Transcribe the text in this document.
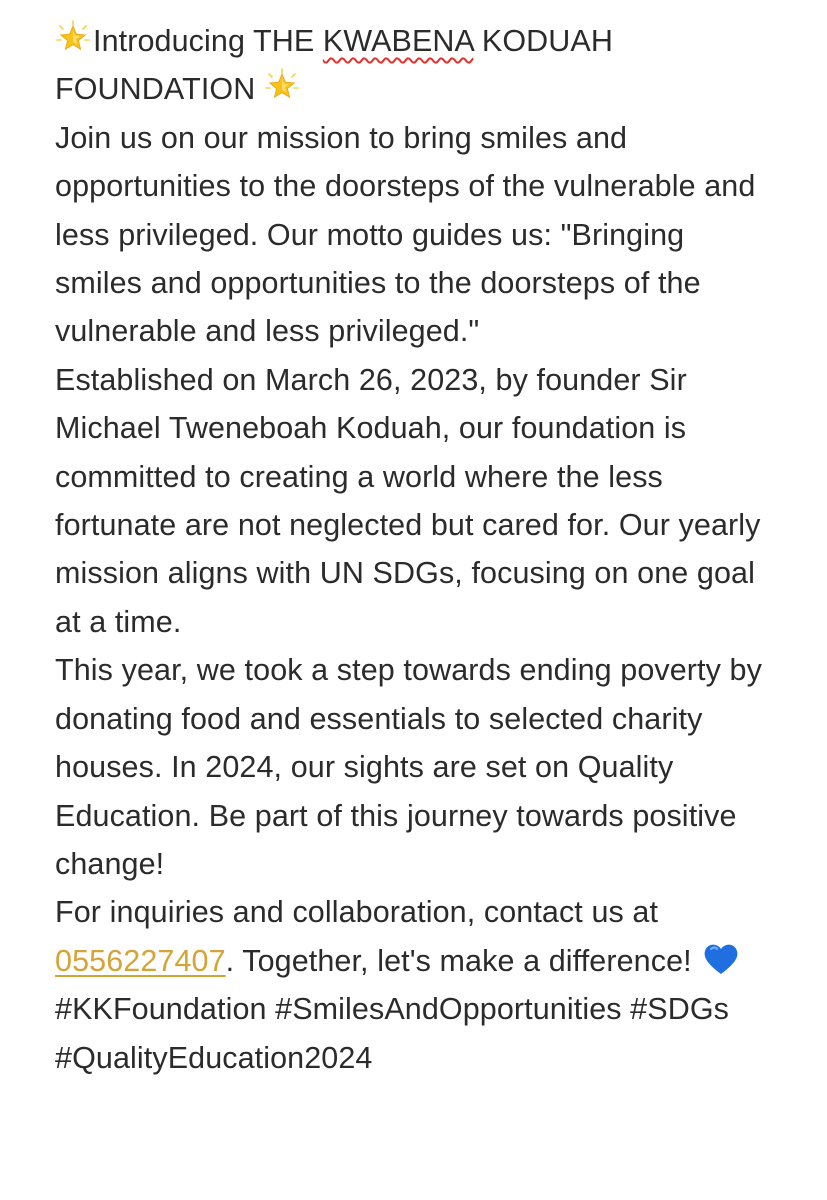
Introducing THE KWABENA KODUAH FOUNDATION

Join us on our mission to bring smiles and opportunities to the doorsteps of the vulnerable and less privileged. Our motto guides us: "Bringing smiles and opportunities to the doorsteps of the vulnerable and less privileged."

Established on March 26, 2023, by founder Sir Michael Tweneboah Koduah, our foundation is committed to creating a world where the less fortunate are not neglected but cared for. Our yearly mission aligns with UN SDGs, focusing on one goal at a time.

This year, we took a step towards ending poverty by donating food and essentials to selected charity houses. In 2024, our sights are set on Quality Education. Be part of this journey towards positive change!

For inquiries and collaboration, contact us at 0556227407. Together, let's make a difference!
#KKFoundation #SmilesAndOpportunities #SDGs #QualityEducation2024
